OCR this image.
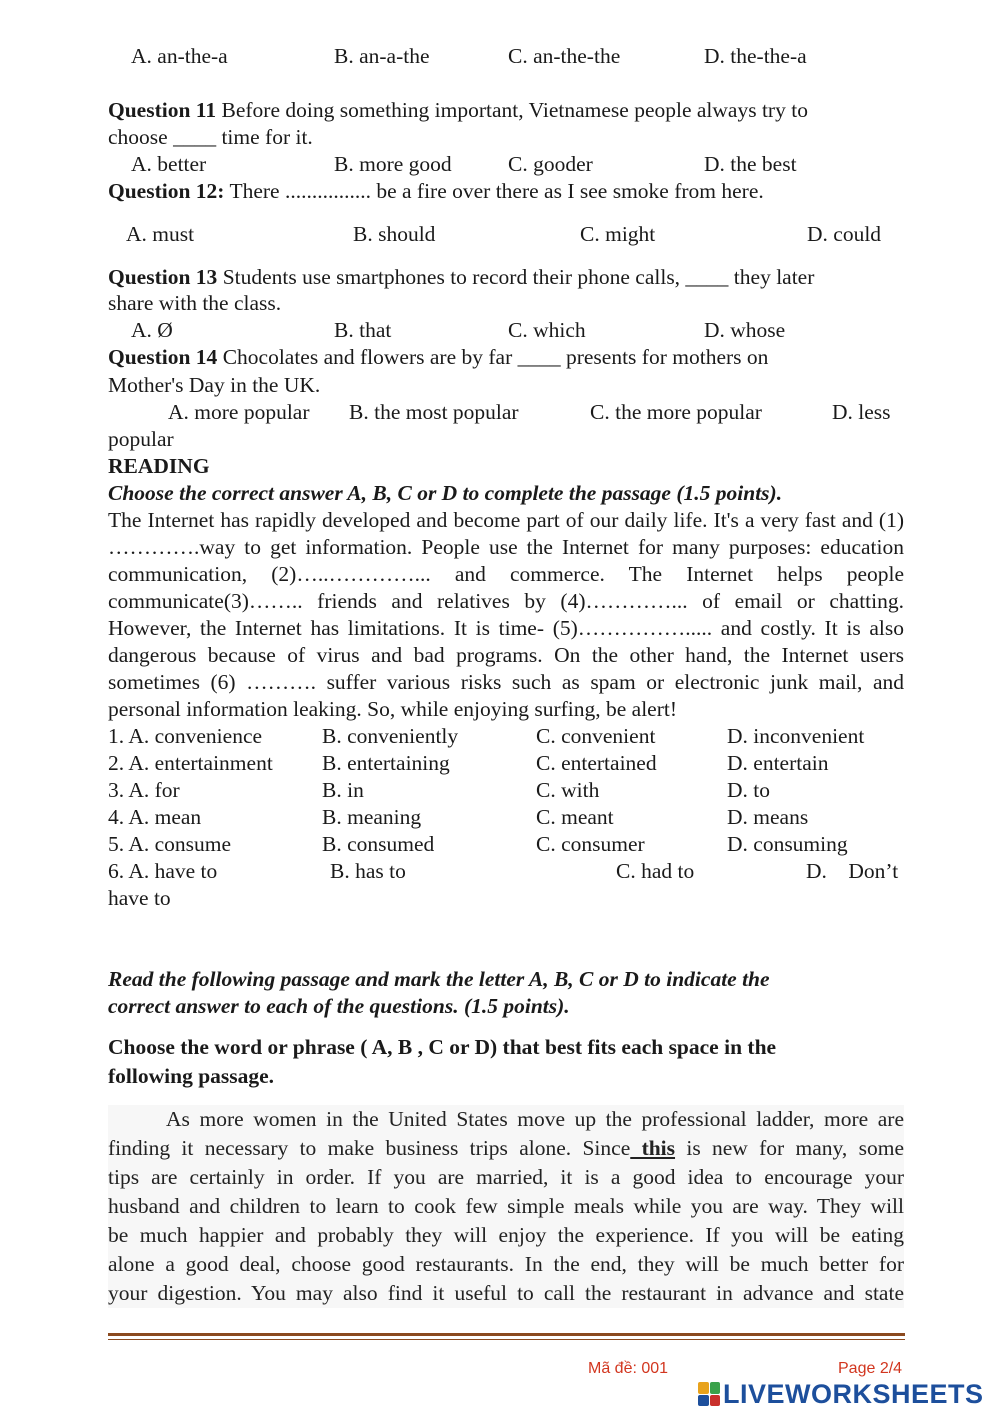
A. an-the-a	B. an-a-the	C. an-the-the	D. the-the-a
Question 11 Before doing something important, Vietnamese people always try to
choose ____ time for it.
A. better	B. more good	C. gooder	D. the best
Question 12: There ................ be a fire over there as I see smoke from here.
A. must	B. should	C. might	D. could
Question 13 Students use smartphones to record their phone calls, ____ they later
share with the class.
A. Ø	B. that	C. which	D. whose
Question 14 Chocolates and flowers are by far ____ presents for mothers on
Mother's Day in the UK.
A. more popular B. the most popular	C. the more popular	D. less
popular
READING
Choose the correct answer A, B, C or D to complete the passage (1.5 points).
The Internet has rapidly developed and become part of our daily life. It's a very fast and (1) ………….way to get information. People use the Internet for many purposes: education communication, (2)…..…………... and commerce. The Internet helps people communicate(3)…….. friends and relatives by (4)…………... of email or chatting. However, the Internet has limitations. It is time- (5)……………..... and costly. It is also dangerous because of virus and bad programs. On the other hand, the Internet users sometimes (6) ………. suffer various risks such as spam or electronic junk mail, and personal information leaking. So, while enjoying surfing, be alert!
1. A. convenience	B. conveniently	C. convenient	D. inconvenient
2. A. entertainment B. entertaining	C. entertained	D. entertain
3. A. for	B. in	C. with	D. to
4. A. mean	B. meaning	C. meant	D. means
5. A. consume	B. consumed	C. consumer	D. consuming
6. A. have to	B. has to	C. had to	D.    Don’t
have to
Read the following passage and mark the letter A, B, C or D to indicate the
correct answer to each of the questions. (1.5 points).
Choose the word or phrase ( A, B , C or D) that best fits each space in the
following passage.
As more women in the United States move up the professional ladder, more are
finding it necessary to make business trips alone. Since this is new for many, some
tips are certainly in order. If you are married, it is a good idea to encourage your
husband and children to learn to cook few simple meals while you are way. They will
be much happier and probably they will enjoy the experience. If you will be eating
alone a good deal, choose good restaurants. In the end, they will be much better for
your digestion. You may also find it useful to call the restaurant in advance and state
Mã đề: 001	Page 2/4
LIVEWORKSHEETS
